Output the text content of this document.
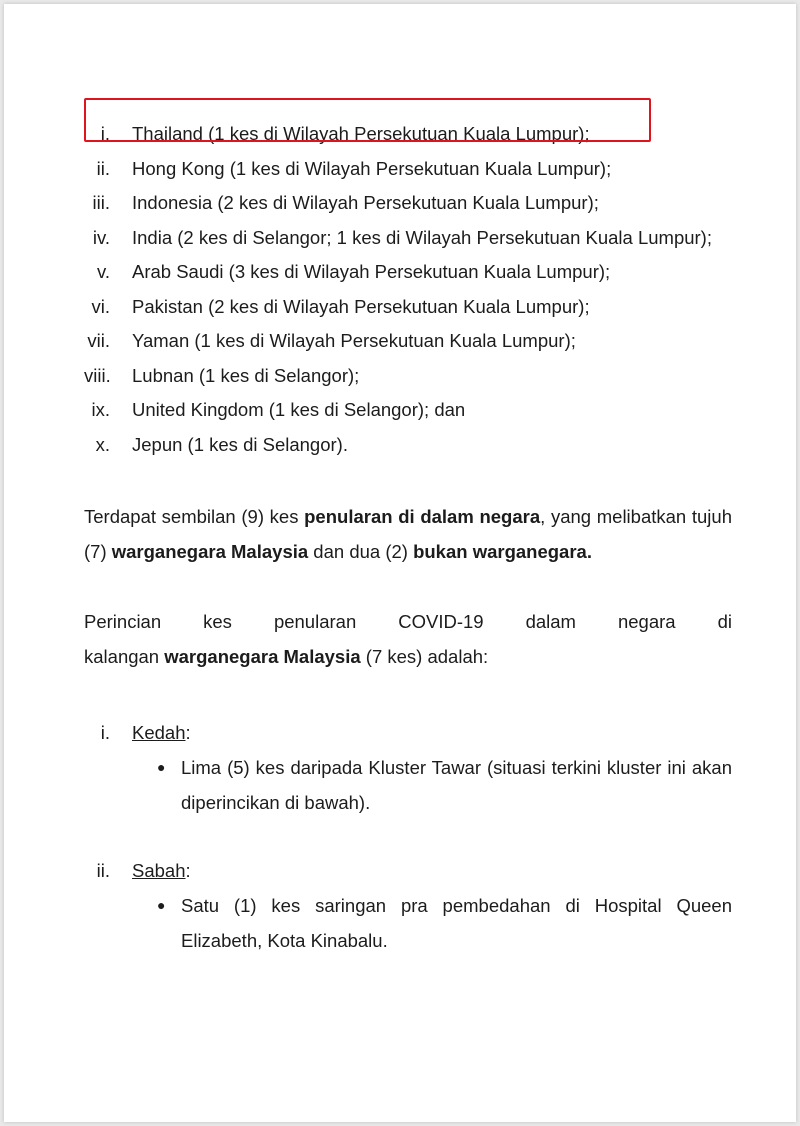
i. Thailand (1 kes di Wilayah Persekutuan Kuala Lumpur);
ii. Hong Kong (1 kes di Wilayah Persekutuan Kuala Lumpur);
iii. Indonesia (2 kes di Wilayah Persekutuan Kuala Lumpur);
iv. India (2 kes di Selangor; 1 kes di Wilayah Persekutuan Kuala Lumpur);
v. Arab Saudi (3 kes di Wilayah Persekutuan Kuala Lumpur);
vi. Pakistan (2 kes di Wilayah Persekutuan Kuala Lumpur);
vii. Yaman (1 kes di Wilayah Persekutuan Kuala Lumpur);
viii. Lubnan (1 kes di Selangor);
ix. United Kingdom (1 kes di Selangor); dan
x. Jepun (1 kes di Selangor).
Terdapat sembilan (9) kes penularan di dalam negara, yang melibatkan tujuh (7) warganegara Malaysia dan dua (2) bukan warganegara.
Perincian kes penularan COVID-19 dalam negara di
kalangan warganegara Malaysia (7 kes) adalah:
i. Kedah :
● Lima (5) kes daripada Kluster Tawar (situasi terkini kluster ini akan diperincikan di bawah).
ii. Sabah :
● Satu (1) kes saringan pra pembedahan di Hospital Queen Elizabeth, Kota Kinabalu.
